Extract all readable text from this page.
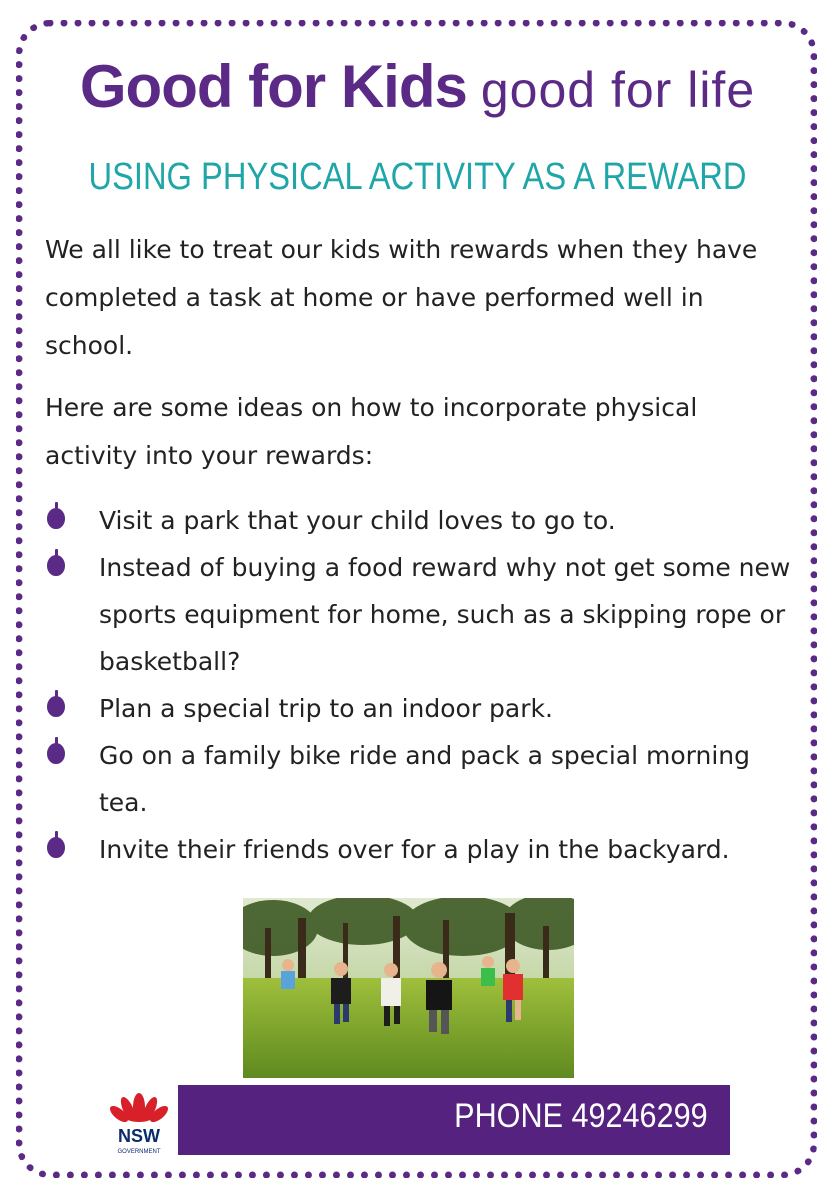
Good for Kids good for life
USING PHYSICAL ACTIVITY AS A REWARD
We all like to treat our kids with rewards when they have completed a task at home or have performed well in school.
Here are some ideas on how to incorporate physical activity into your rewards:
Visit a park that your child loves to go to.
Instead of buying a food reward why not get some new sports equipment for home, such as a skipping rope or basketball?
Plan a special trip to an indoor park.
Go on a family bike ride and pack a special morning tea.
Invite their friends over for a play in the backyard.
NSW
GOVERNMENT
PHONE 49246299
